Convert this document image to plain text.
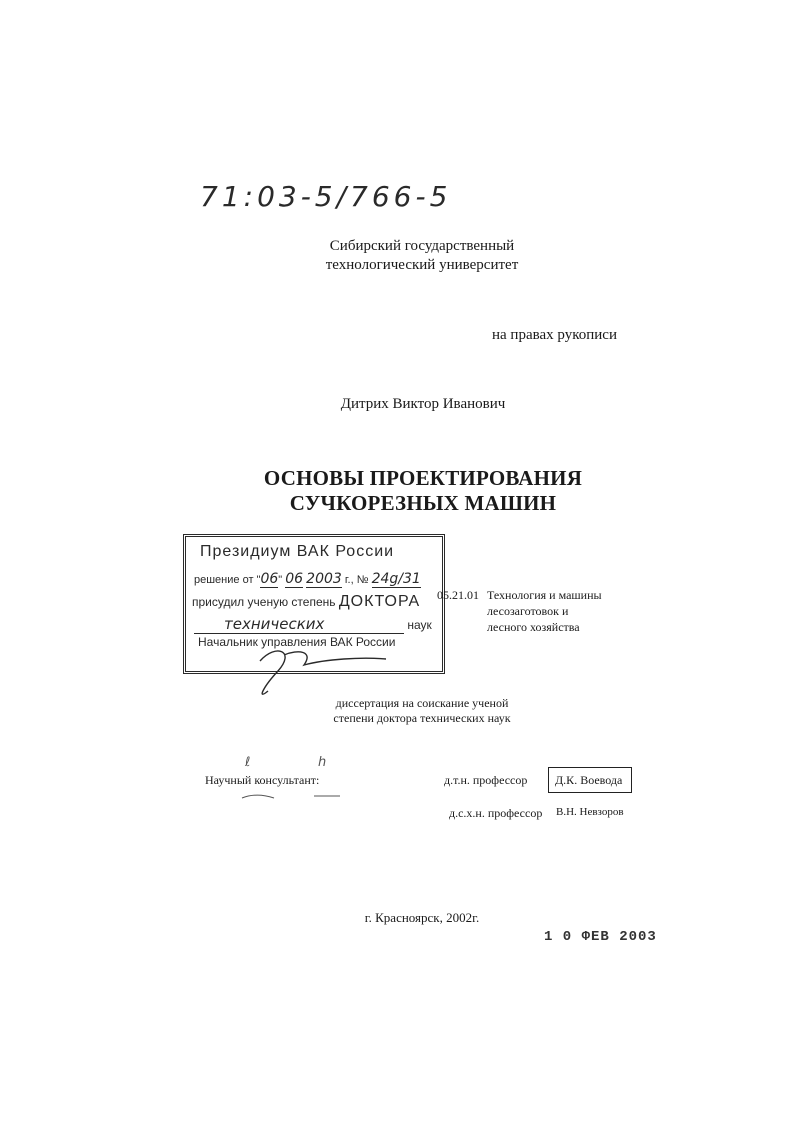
71:03-5/766-5
Сибирский государственный
технологический университет
на правах рукописи
Дитрих Виктор Иванович
ОСНОВЫ ПРОЕКТИРОВАНИЯ
СУЧКОРЕЗНЫХ МАШИН
Президиум ВАК России
решение от "06" 06 2003 г., № 24g/31
присудил ученую степень ДОКТОРА
технических	наук
Начальник управления ВАК России
05.21.01 Технология и машины
лесозаготовок и
лесного хозяйства
диссертация на соискание ученой
степени доктора технических наук
Научный консультант:
ℓ	h
д.т.н. профессор	Д.К. Воевода
д.с.х.н. профессор В.Н. Невзоров
г. Красноярск, 2002г.
1 0 ФЕВ 2003
